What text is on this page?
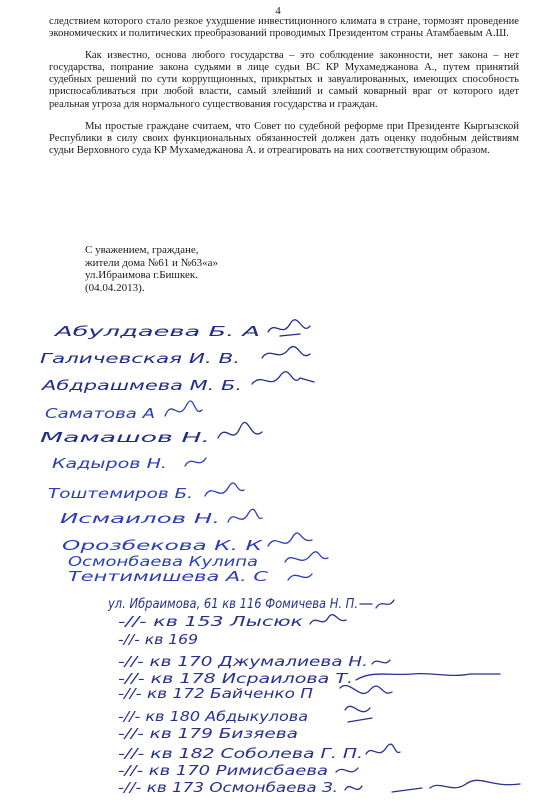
4

следствием которого стало резкое ухудшение инвестиционного климата в стране, тормозят проведение экономических и политических преобразований проводимых Президентом страны Атамбаевым А.Ш.

Как известно, основа любого государства – это соблюдение законности, нет закона – нет государства, попрание закона судьями в лице судьи ВС КР Мухамеджанова А., путем принятий судебных решений по сути коррупционных, прикрытых и завуалированных, имеющих способность приспосабливаться при любой власти, самый злейший и самый коварный враг от которого идет реальная угроза для нормального существования государства и граждан.

Мы простые граждане считаем, что Совет по судебной реформе при Президенте Кыргызской Республики в силу своих функциональных обязанностей должен дать оценку подобным действиям судьи Верховного суда КР Мухамеджанова А. и отреагировать на них соответствующим образом.

С уважением, граждане,
жители дома №61 и №63«а»
ул.Ибраимова г.Бишкек.
(04.04.2013).
Абулдаева Б. А
Галичевская И. В.
Абдрашмева М. Б.
Саматова А
Мамашов Н.
Кадыров Н.
Тоштемиров Б.
Исмаилов Н.
Орозбекова К. К
Осмонбаева Кулипа
Тентимишева А. С
ул. Ибраимова, 61 кв 116 Фомичева Н. П.
-//- кв 153 Лысюк
-//- кв 169
-//- кв 170 Джумалиева Н.
-//- кв 178 Исраилова Т.
-//- кв 172 Байченко П
-//- кв 180 Абдыкулова
-//- кв 179 Бизяева
-//- кв 182 Соболева Г. П.
-//- кв 170 Римисбаева
-//- кв 173 Осмонбаева З.
